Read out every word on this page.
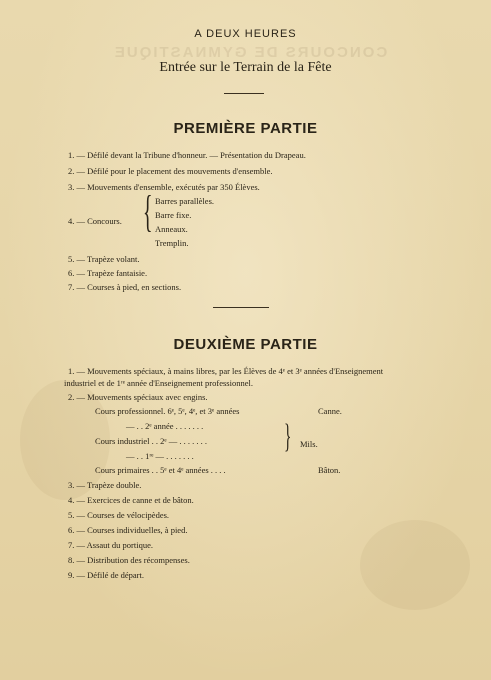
CONCOURS DE GYMNASTIQUE
A DEUX HEURES
Entrée sur le Terrain de la Fête
PREMIÈRE PARTIE
1. — Défilé devant la Tribune d'honneur. — Présentation du Drapeau.
2. — Défilé pour le placement des mouvements d'ensemble.
3. — Mouvements d'ensemble, exécutés par 350 Élèves.
4. — Concours. { Barres parallèles.
Barre fixe.
Anneaux.
Tremplin.
5. — Trapèze volant.
6. — Trapèze fantaisie.
7. — Courses à pied, en sections.
DEUXIÈME PARTIE
1. — Mouvements spéciaux, à mains libres, par les Élèves de 4ᵉ et 3ᵉ années d'Enseignement
industriel et de 1ʳᵉ année d'Enseignement professionnel.
2. — Mouvements spéciaux avec engins.
Cours professionnel. 6ᵉ, 5ᵉ, 4ᵉ, et 3ᵉ années	Canne.
— . . 2ᵉ année . . . . . . .
Cours industriel . . 2ᵉ — . . . . . . . } Mils.
— . . 1ʳᵉ — . . . . . . .
Cours primaires . . 5ᵉ et 4ᵉ années . . . .	Bâton.
3. — Trapèze double.
4. — Exercices de canne et de bâton.
5. — Courses de vélocipèdes.
6. — Courses individuelles, à pied.
7. — Assaut du portique.
8. — Distribution des récompenses.
9. — Défilé de départ.
